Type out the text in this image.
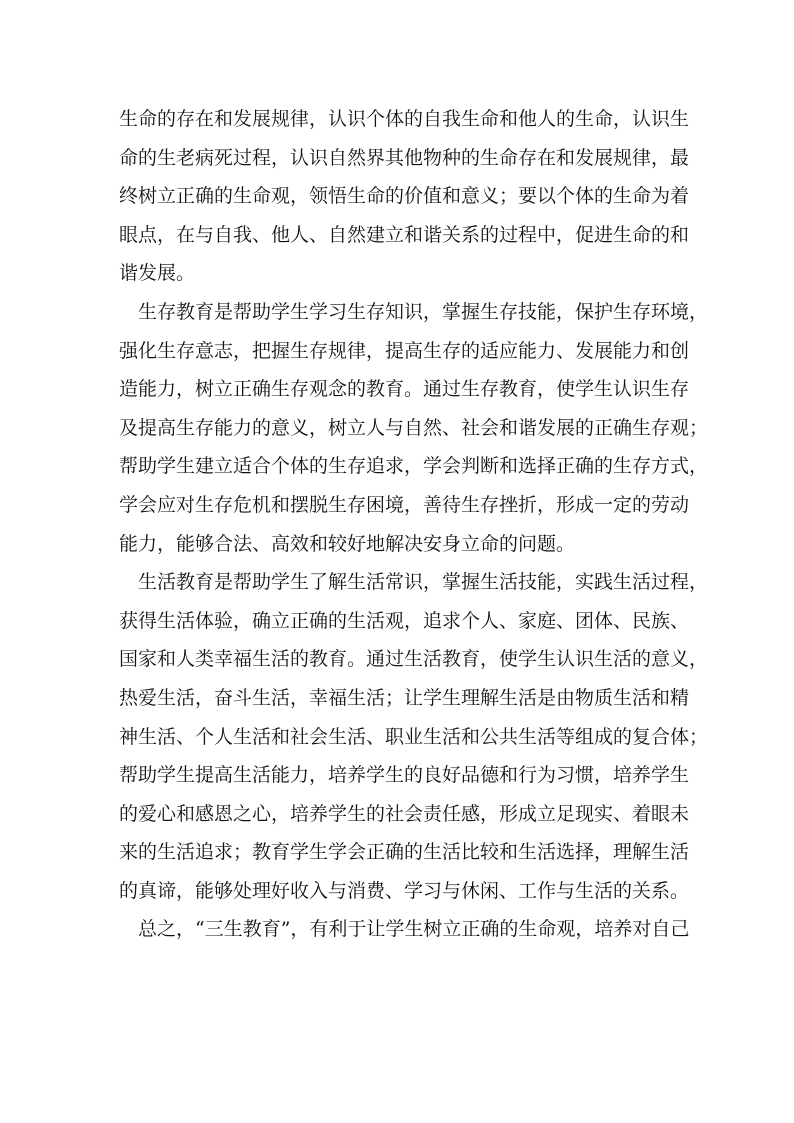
生命的存在和发展规律，认识个体的自我生命和他人的生命，认识生
命的生老病死过程，认识自然界其他物种的生命存在和发展规律，最
终树立正确的生命观，领悟生命的价值和意义；要以个体的生命为着
眼点，在与自我、他人、自然建立和谐关系的过程中，促进生命的和
谐发展。
生存教育是帮助学生学习生存知识，掌握生存技能，保护生存环境，
强化生存意志，把握生存规律，提高生存的适应能力、发展能力和创
造能力，树立正确生存观念的教育。通过生存教育，使学生认识生存
及提高生存能力的意义，树立人与自然、社会和谐发展的正确生存观；
帮助学生建立适合个体的生存追求，学会判断和选择正确的生存方式，
学会应对生存危机和摆脱生存困境，善待生存挫折，形成一定的劳动
能力，能够合法、高效和较好地解决安身立命的问题。
生活教育是帮助学生了解生活常识，掌握生活技能，实践生活过程，
获得生活体验，确立正确的生活观，追求个人、家庭、团体、民族、
国家和人类幸福生活的教育。通过生活教育，使学生认识生活的意义，
热爱生活，奋斗生活，幸福生活；让学生理解生活是由物质生活和精
神生活、个人生活和社会生活、职业生活和公共生活等组成的复合体；
帮助学生提高生活能力，培养学生的良好品德和行为习惯，培养学生
的爱心和感恩之心，培养学生的社会责任感，形成立足现实、着眼未
来的生活追求；教育学生学会正确的生活比较和生活选择，理解生活
的真谛，能够处理好收入与消费、学习与休闲、工作与生活的关系。
总之，“三生教育”，有利于让学生树立正确的生命观，培养对自己
